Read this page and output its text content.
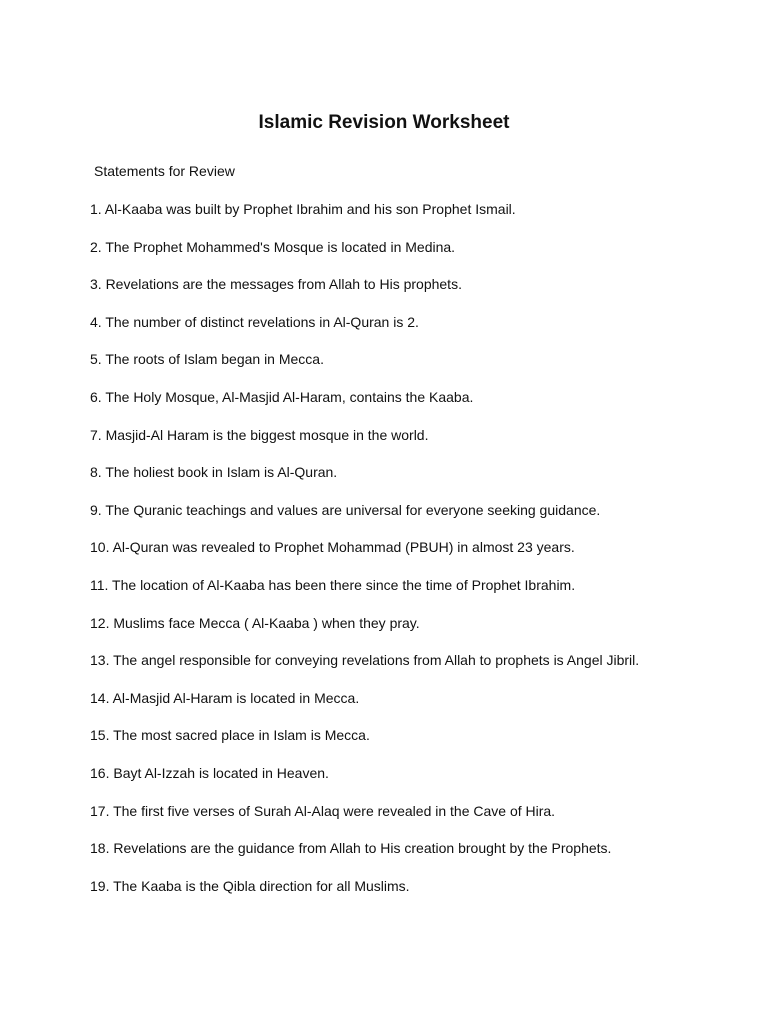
Islamic Revision Worksheet

Statements for Review

1. Al-Kaaba was built by Prophet Ibrahim and his son Prophet Ismail.
2. The Prophet Mohammed's Mosque is located in Medina.
3. Revelations are the messages from Allah to His prophets.
4. The number of distinct revelations in Al-Quran is 2.
5. The roots of Islam began in Mecca.
6. The Holy Mosque, Al-Masjid Al-Haram, contains the Kaaba.
7. Masjid-Al Haram is the biggest mosque in the world.
8. The holiest book in Islam is Al-Quran.
9. The Quranic teachings and values are universal for everyone seeking guidance.
10. Al-Quran was revealed to Prophet Mohammad (PBUH) in almost 23 years.
11. The location of Al-Kaaba has been there since the time of Prophet Ibrahim.
12. Muslims face Mecca ( Al-Kaaba ) when they pray.
13. The angel responsible for conveying revelations from Allah to prophets is Angel Jibril.
14. Al-Masjid Al-Haram is located in Mecca.
15. The most sacred place in Islam is Mecca.
16. Bayt Al-Izzah is located in Heaven.
17. The first five verses of Surah Al-Alaq were revealed in the Cave of Hira.
18. Revelations are the guidance from Allah to His creation brought by the Prophets.
19. The Kaaba is the Qibla direction for all Muslims.
